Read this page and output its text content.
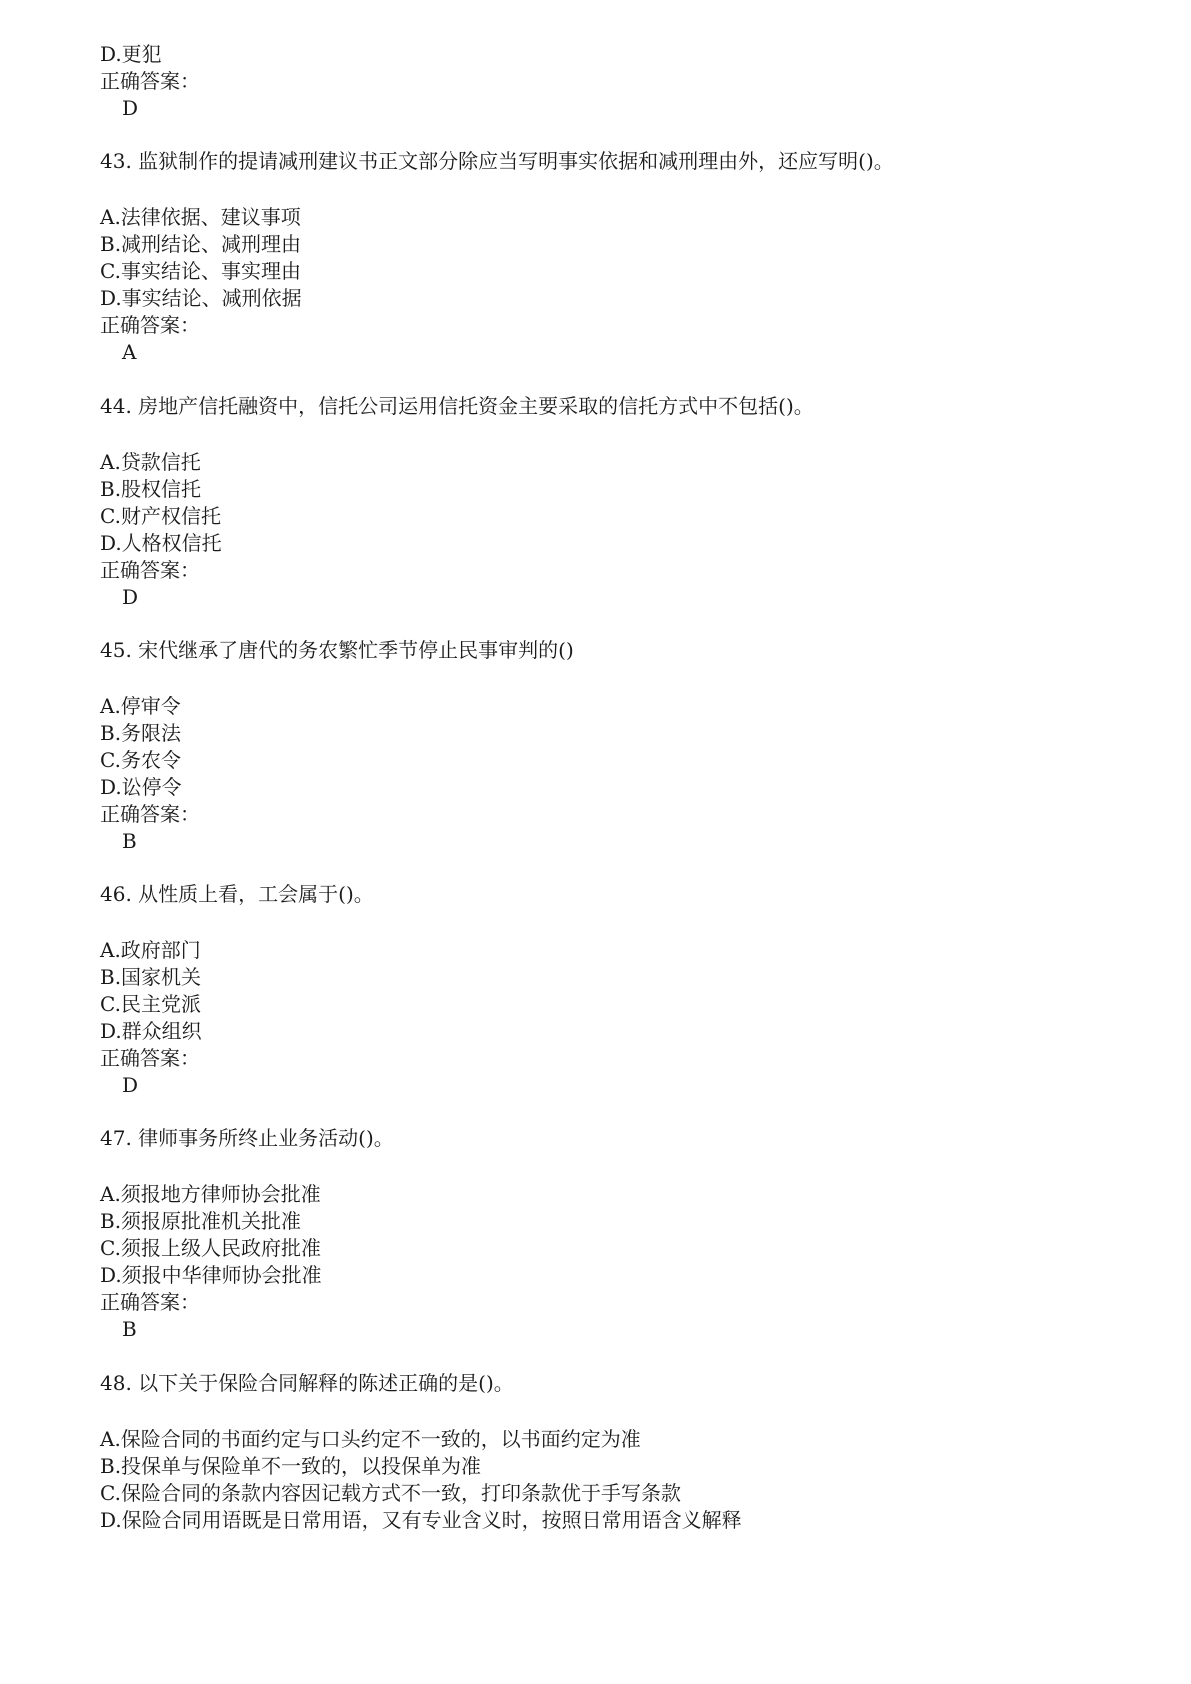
D.更犯
正确答案：
D
43. 监狱制作的提请减刑建议书正文部分除应当写明事实依据和减刑理由外，还应写明()。
A.法律依据、建议事项
B.减刑结论、减刑理由
C.事实结论、事实理由
D.事实结论、减刑依据
正确答案：
A
44. 房地产信托融资中，信托公司运用信托资金主要采取的信托方式中不包括()。
A.贷款信托
B.股权信托
C.财产权信托
D.人格权信托
正确答案：
D
45. 宋代继承了唐代的务农繁忙季节停止民事审判的()
A.停审令
B.务限法
C.务农令
D.讼停令
正确答案：
B
46. 从性质上看，工会属于()。
A.政府部门
B.国家机关
C.民主党派
D.群众组织
正确答案：
D
47. 律师事务所终止业务活动()。
A.须报地方律师协会批准
B.须报原批准机关批准
C.须报上级人民政府批准
D.须报中华律师协会批准
正确答案：
B
48. 以下关于保险合同解释的陈述正确的是()。
A.保险合同的书面约定与口头约定不一致的，以书面约定为准
B.投保单与保险单不一致的，以投保单为准
C.保险合同的条款内容因记载方式不一致，打印条款优于手写条款
D.保险合同用语既是日常用语，又有专业含义时，按照日常用语含义解释
